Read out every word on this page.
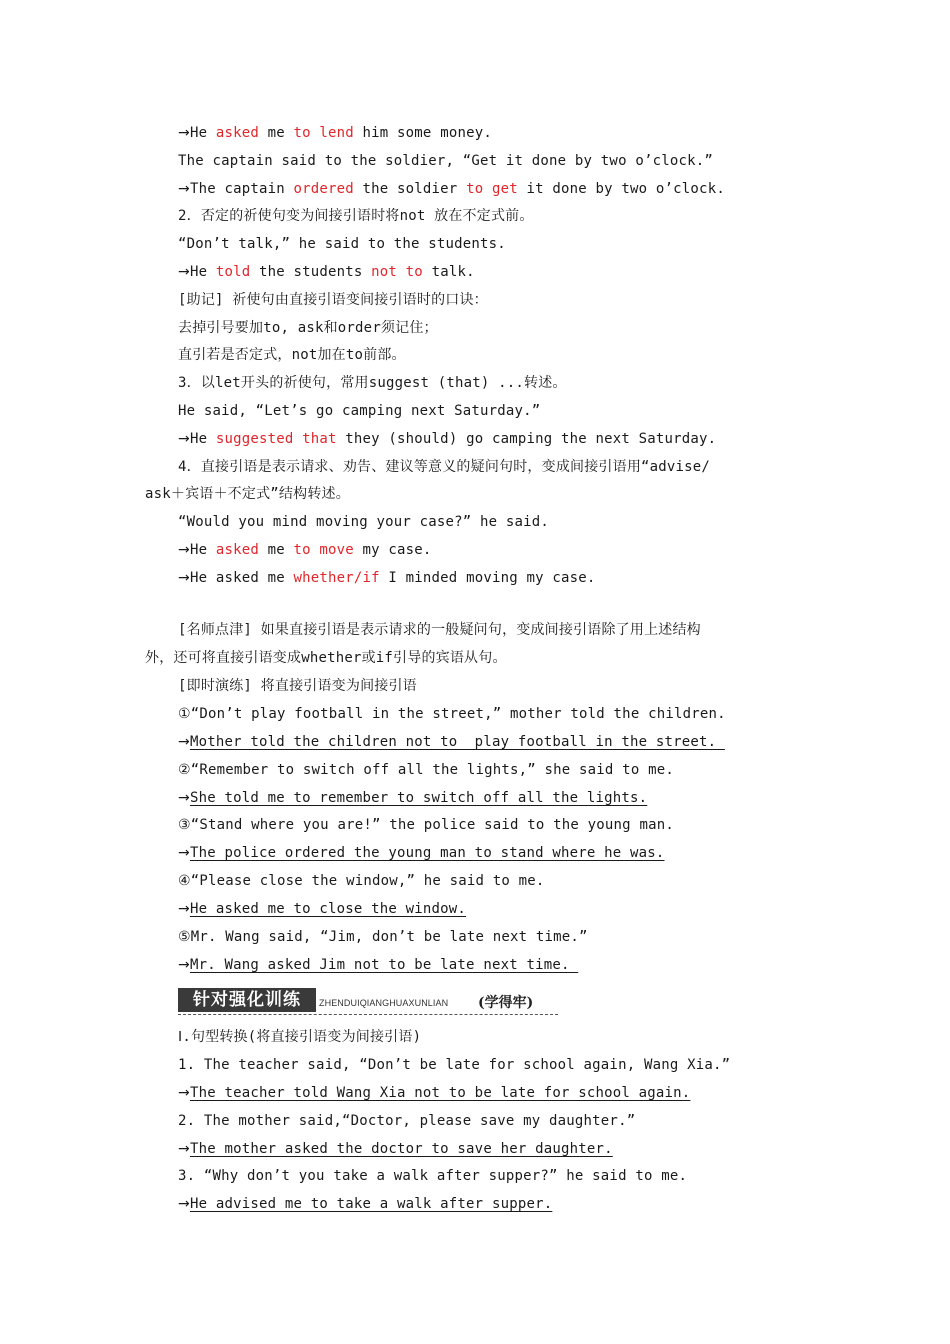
→He asked me to lend him some money.
The captain said to the soldier, “Get it done by two o’clock.”
→The captain ordered the soldier to get it done by two o’clock.
2．否定的祈使句变为间接引语时将not 放在不定式前。
“Don’t talk,” he said to the students.
→He told the students not to talk.
[助记] 祈使句由直接引语变间接引语时的口诀：
去掉引号要加to, ask和order须记住；
直引若是否定式，not加在to前部。
3．以let开头的祈使句，常用suggest (that) ...转述。
He said, “Let’s go camping next Saturday.”
→He suggested that they (should) go camping the next Saturday.
4．直接引语是表示请求、劝告、建议等意义的疑问句时，变成间接引语用“advise/
ask＋宾语＋不定式”结构转述。
“Would you mind moving your case?” he said.
→He asked me to move my case.
→He asked me whether/if I minded moving my case.
[名师点津] 如果直接引语是表示请求的一般疑问句，变成间接引语除了用上述结构
外，还可将直接引语变成whether或if引导的宾语从句。
[即时演练] 将直接引语变为间接引语
①“Don’t play football in the street,” mother told the children.
→Mother told the children not to  play football in the street.
②“Remember to switch off all the lights,” she said to me.
→She told me to remember to switch off all the lights.
③“Stand where you are!” the police said to the young man.
→The police ordered the young man to stand where he was.
④“Please close the window,” he said to me.
→He asked me to close the window.
⑤Mr. Wang said, “Jim, don’t be late next time.”
→Mr. Wang asked Jim not to be late next time.
针对强化训练	ZHENDUIQIANGHUAXUNLIAN (学得牢)
Ⅰ.句型转换(将直接引语变为间接引语)
1. The teacher said, “Don’t be late for school again, Wang Xia.”
→The teacher told Wang Xia not to be late for school again.
2. The mother said,“Doctor, please save my daughter.”
→The mother asked the doctor to save her daughter.
3. “Why don’t you take a walk after supper?” he said to me.
→He advised me to take a walk after supper.
